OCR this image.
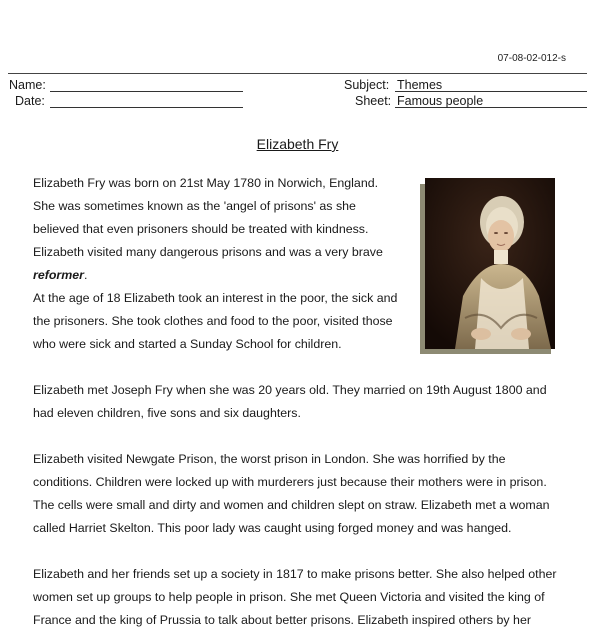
07-08-02-012-s
Name:
Date:
Subject: Themes
Sheet: Famous people
Elizabeth Fry

Elizabeth Fry was born on 21st May 1780 in Norwich, England. She was sometimes known as the 'angel of prisons' as she believed that even prisoners should be treated with kindness. Elizabeth visited many dangerous prisons and was a very brave reformer.

At the age of 18 Elizabeth took an interest in the poor, the sick and the prisoners. She took clothes and food to the poor, visited those who were sick and started a Sunday School for children.

Elizabeth met Joseph Fry when she was 20 years old. They married on 19th August 1800 and had eleven children, five sons and six daughters.

Elizabeth visited Newgate Prison, the worst prison in London. She was horrified by the conditions. Children were locked up with murderers just because their mothers were in prison. The cells were small and dirty and women and children slept on straw. Elizabeth met a woman called Harriet Skelton. This poor lady was caught using forged money and was hanged.

Elizabeth and her friends set up a society in 1817 to make prisons better. She also helped other women set up groups to help people in prison. She met Queen Victoria and visited the king of France and the king of Prussia to talk about better prisons. Elizabeth inspired others by her
